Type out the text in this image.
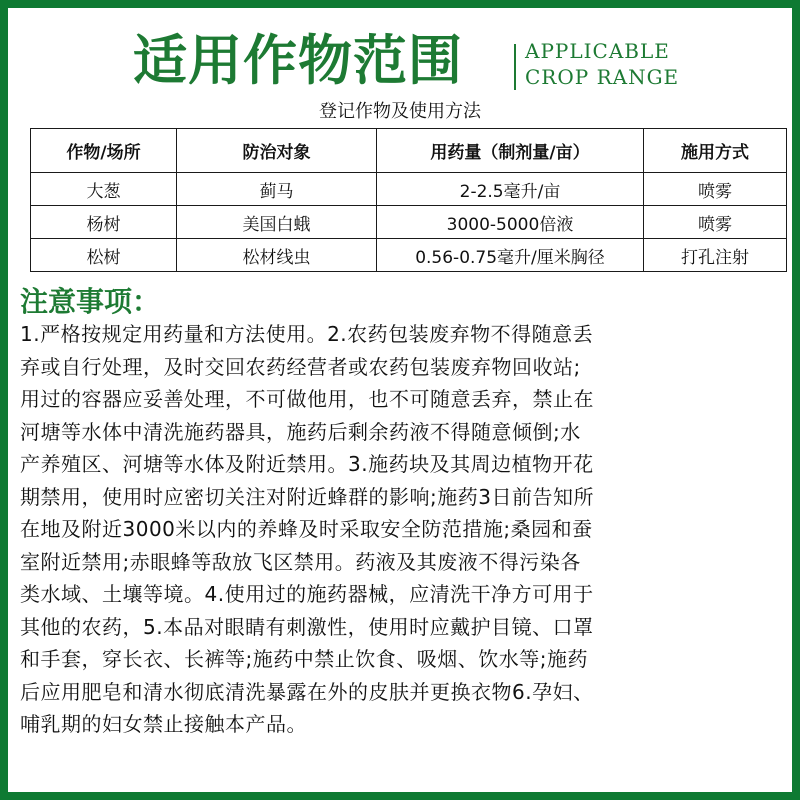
适用作物范围	APPLICABLE
CROP RANGE
登记作物及使用方法
作物/场所	防治对象	用药量（制剂量/亩）	施用方式
大葱	蓟马	2-2.5毫升/亩	喷雾
杨树	美国白蛾	3000-5000倍液	喷雾
松树	松材线虫	0.56-0.75毫升/厘米胸径	打孔注射
注意事项：
1.严格按规定用药量和方法使用。2.农药包装废弃物不得随意丢
弃或自行处理，及时交回农药经营者或农药包装废弃物回收站;
用过的容器应妥善处理，不可做他用，也不可随意丢弃，禁止在
河塘等水体中清洗施药器具，施药后剩余药液不得随意倾倒;水
产养殖区、河塘等水体及附近禁用。3.施药块及其周边植物开花
期禁用，使用时应密切关注对附近蜂群的影响;施药3日前告知所
在地及附近3000米以内的养蜂及时采取安全防范措施;桑园和蚕
室附近禁用;赤眼蜂等敌放飞区禁用。药液及其废液不得污染各
类水域、土壤等境。4.使用过的施药器械，应清洗干净方可用于
其他的农药，5.本品对眼睛有刺激性，使用时应戴护目镜、口罩
和手套，穿长衣、长裤等;施药中禁止饮食、吸烟、饮水等;施药
后应用肥皂和清水彻底清洗暴露在外的皮肤并更换衣物6.孕妇、
哺乳期的妇女禁止接触本产品。
